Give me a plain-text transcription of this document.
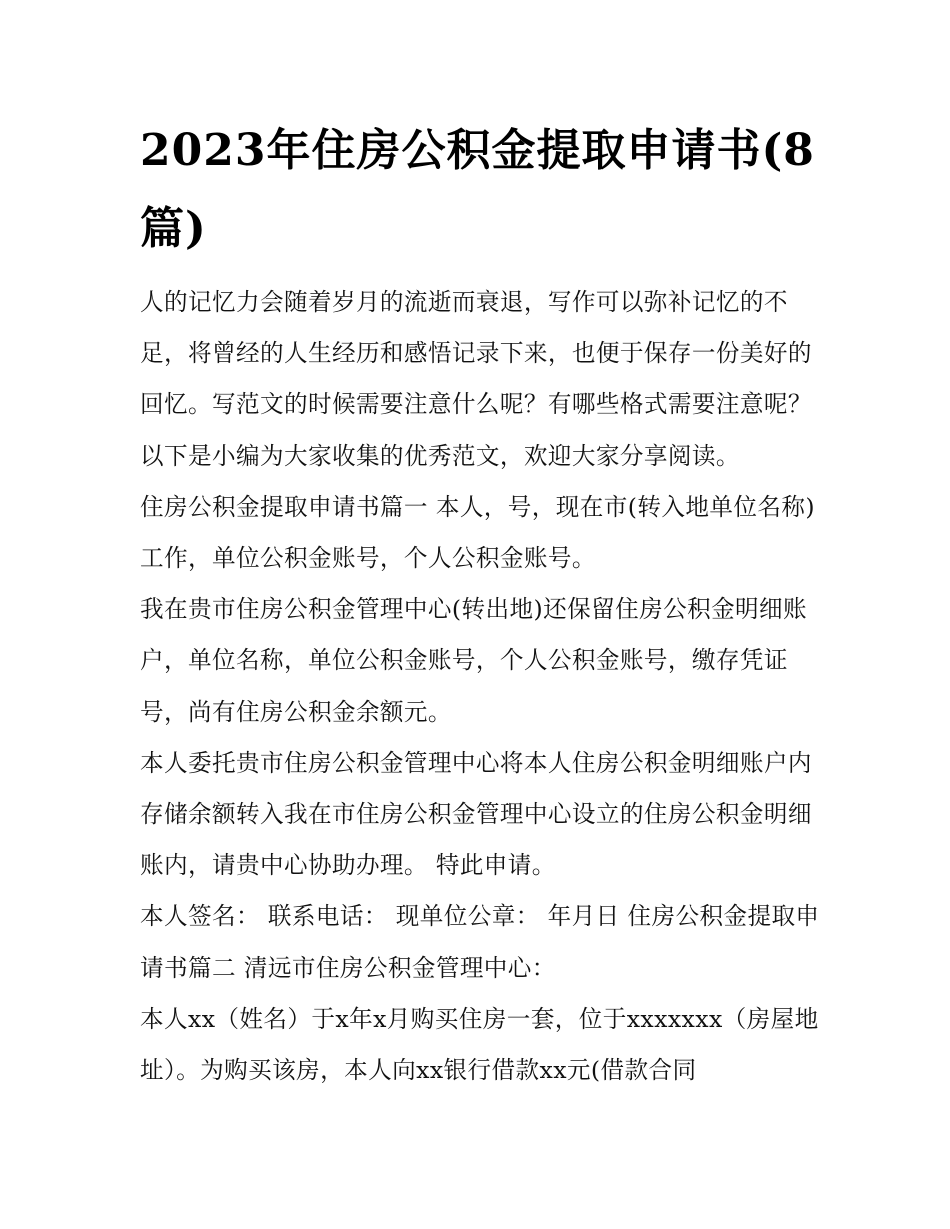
2023年住房公积金提取申请书(8篇)

人的记忆力会随着岁月的流逝而衰退，写作可以弥补记忆的不足，将曾经的人生经历和感悟记录下来，也便于保存一份美好的回忆。写范文的时候需要注意什么呢？有哪些格式需要注意呢？以下是小编为大家收集的优秀范文，欢迎大家分享阅读。

住房公积金提取申请书篇一 本人，号，现在市(转入地单位名称)工作，单位公积金账号，个人公积金账号。

我在贵市住房公积金管理中心(转出地)还保留住房公积金明细账户，单位名称，单位公积金账号，个人公积金账号，缴存凭证号，尚有住房公积金余额元。

本人委托贵市住房公积金管理中心将本人住房公积金明细账户内存储余额转入我在市住房公积金管理中心设立的住房公积金明细账内，请贵中心协助办理。 特此申请。

本人签名： 联系电话： 现单位公章： 年月日 住房公积金提取申请书篇二 清远市住房公积金管理中心：

本人xx（姓名）于x年x月购买住房一套，位于xxxxxxx（房屋地址）。为购买该房，本人向xx银行借款xx元(借款合同
